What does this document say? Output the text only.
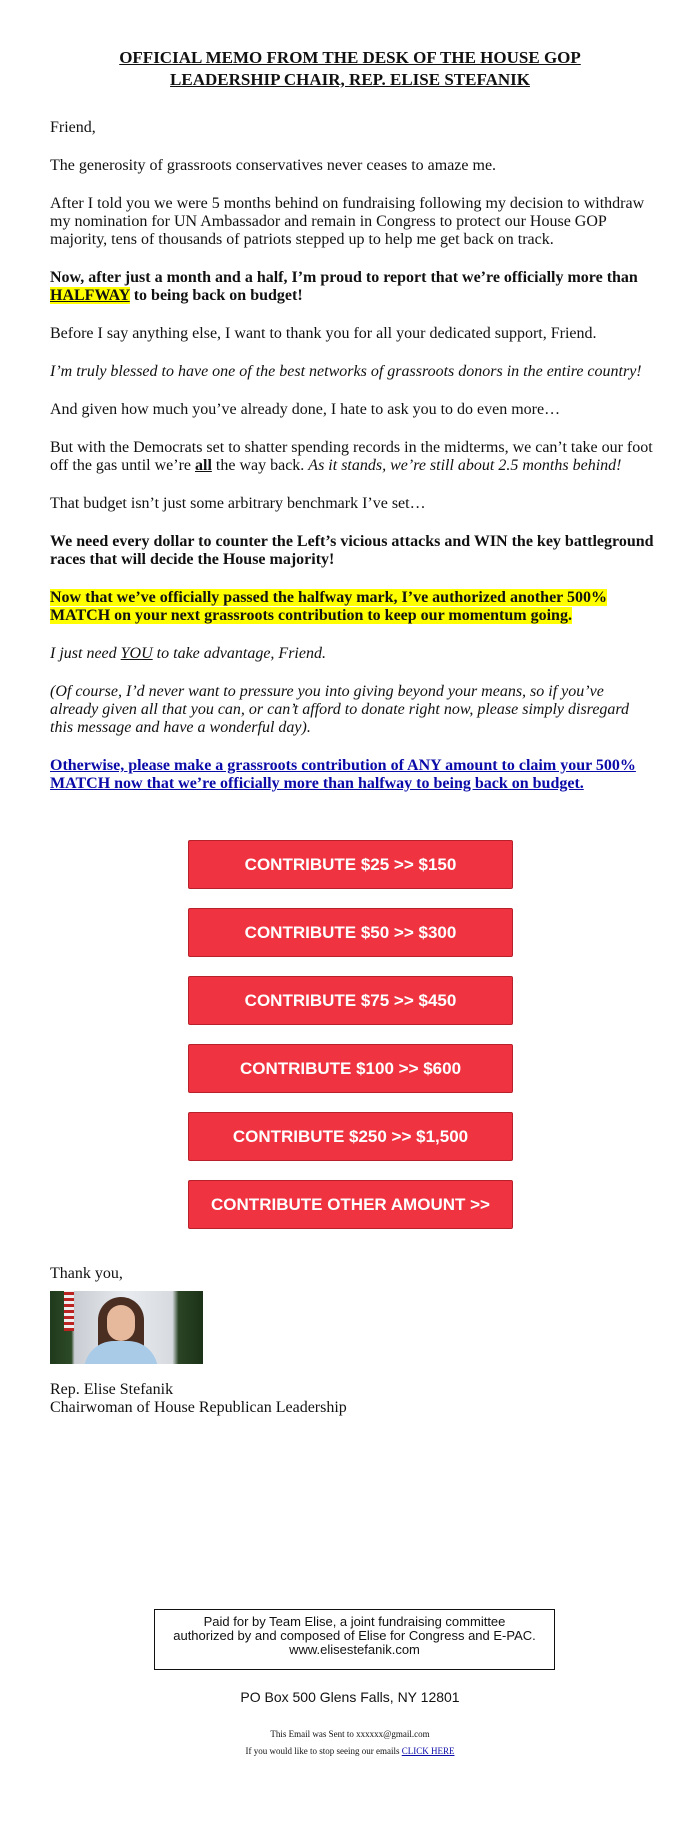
OFFICIAL MEMO FROM THE DESK OF THE HOUSE GOP
LEADERSHIP CHAIR, REP. ELISE STEFANIK

Friend,

The generosity of grassroots conservatives never ceases to amaze me.

After I told you we were 5 months behind on fundraising following my decision to withdraw my nomination for UN Ambassador and remain in Congress to protect our House GOP majority, tens of thousands of patriots stepped up to help me get back on track.

Now, after just a month and a half, I’m proud to report that we’re officially more than HALFWAY to being back on budget!

Before I say anything else, I want to thank you for all your dedicated support, Friend.

I’m truly blessed to have one of the best networks of grassroots donors in the entire country!

And given how much you’ve already done, I hate to ask you to do even more…

But with the Democrats set to shatter spending records in the midterms, we can’t take our foot off the gas until we’re all the way back. As it stands, we’re still about 2.5 months behind!

That budget isn’t just some arbitrary benchmark I’ve set…

We need every dollar to counter the Left’s vicious attacks and WIN the key battleground races that will decide the House majority!

Now that we’ve officially passed the halfway mark, I’ve authorized another 500% MATCH on your next grassroots contribution to keep our momentum going.

I just need YOU to take advantage, Friend.

(Of course, I’d never want to pressure you into giving beyond your means, so if you’ve already given all that you can, or can’t afford to donate right now, please simply disregard this message and have a wonderful day).

Otherwise, please make a grassroots contribution of ANY amount to claim your 500% MATCH now that we’re officially more than halfway to being back on budget.

CONTRIBUTE $25 >> $150
CONTRIBUTE $50 >> $300
CONTRIBUTE $75 >> $450
CONTRIBUTE $100 >> $600
CONTRIBUTE $250 >> $1,500
CONTRIBUTE OTHER AMOUNT >>
Thank you,
Rep. Elise Stefanik
Chairwoman of House Republican Leadership
Paid for by Team Elise, a joint fundraising committee authorized by and composed of Elise for Congress and E-PAC. www.elisestefanik.com
PO Box 500 Glens Falls, NY 12801
This Email was Sent to xxxxxx@gmail.com
If you would like to stop seeing our emails CLICK HERE
